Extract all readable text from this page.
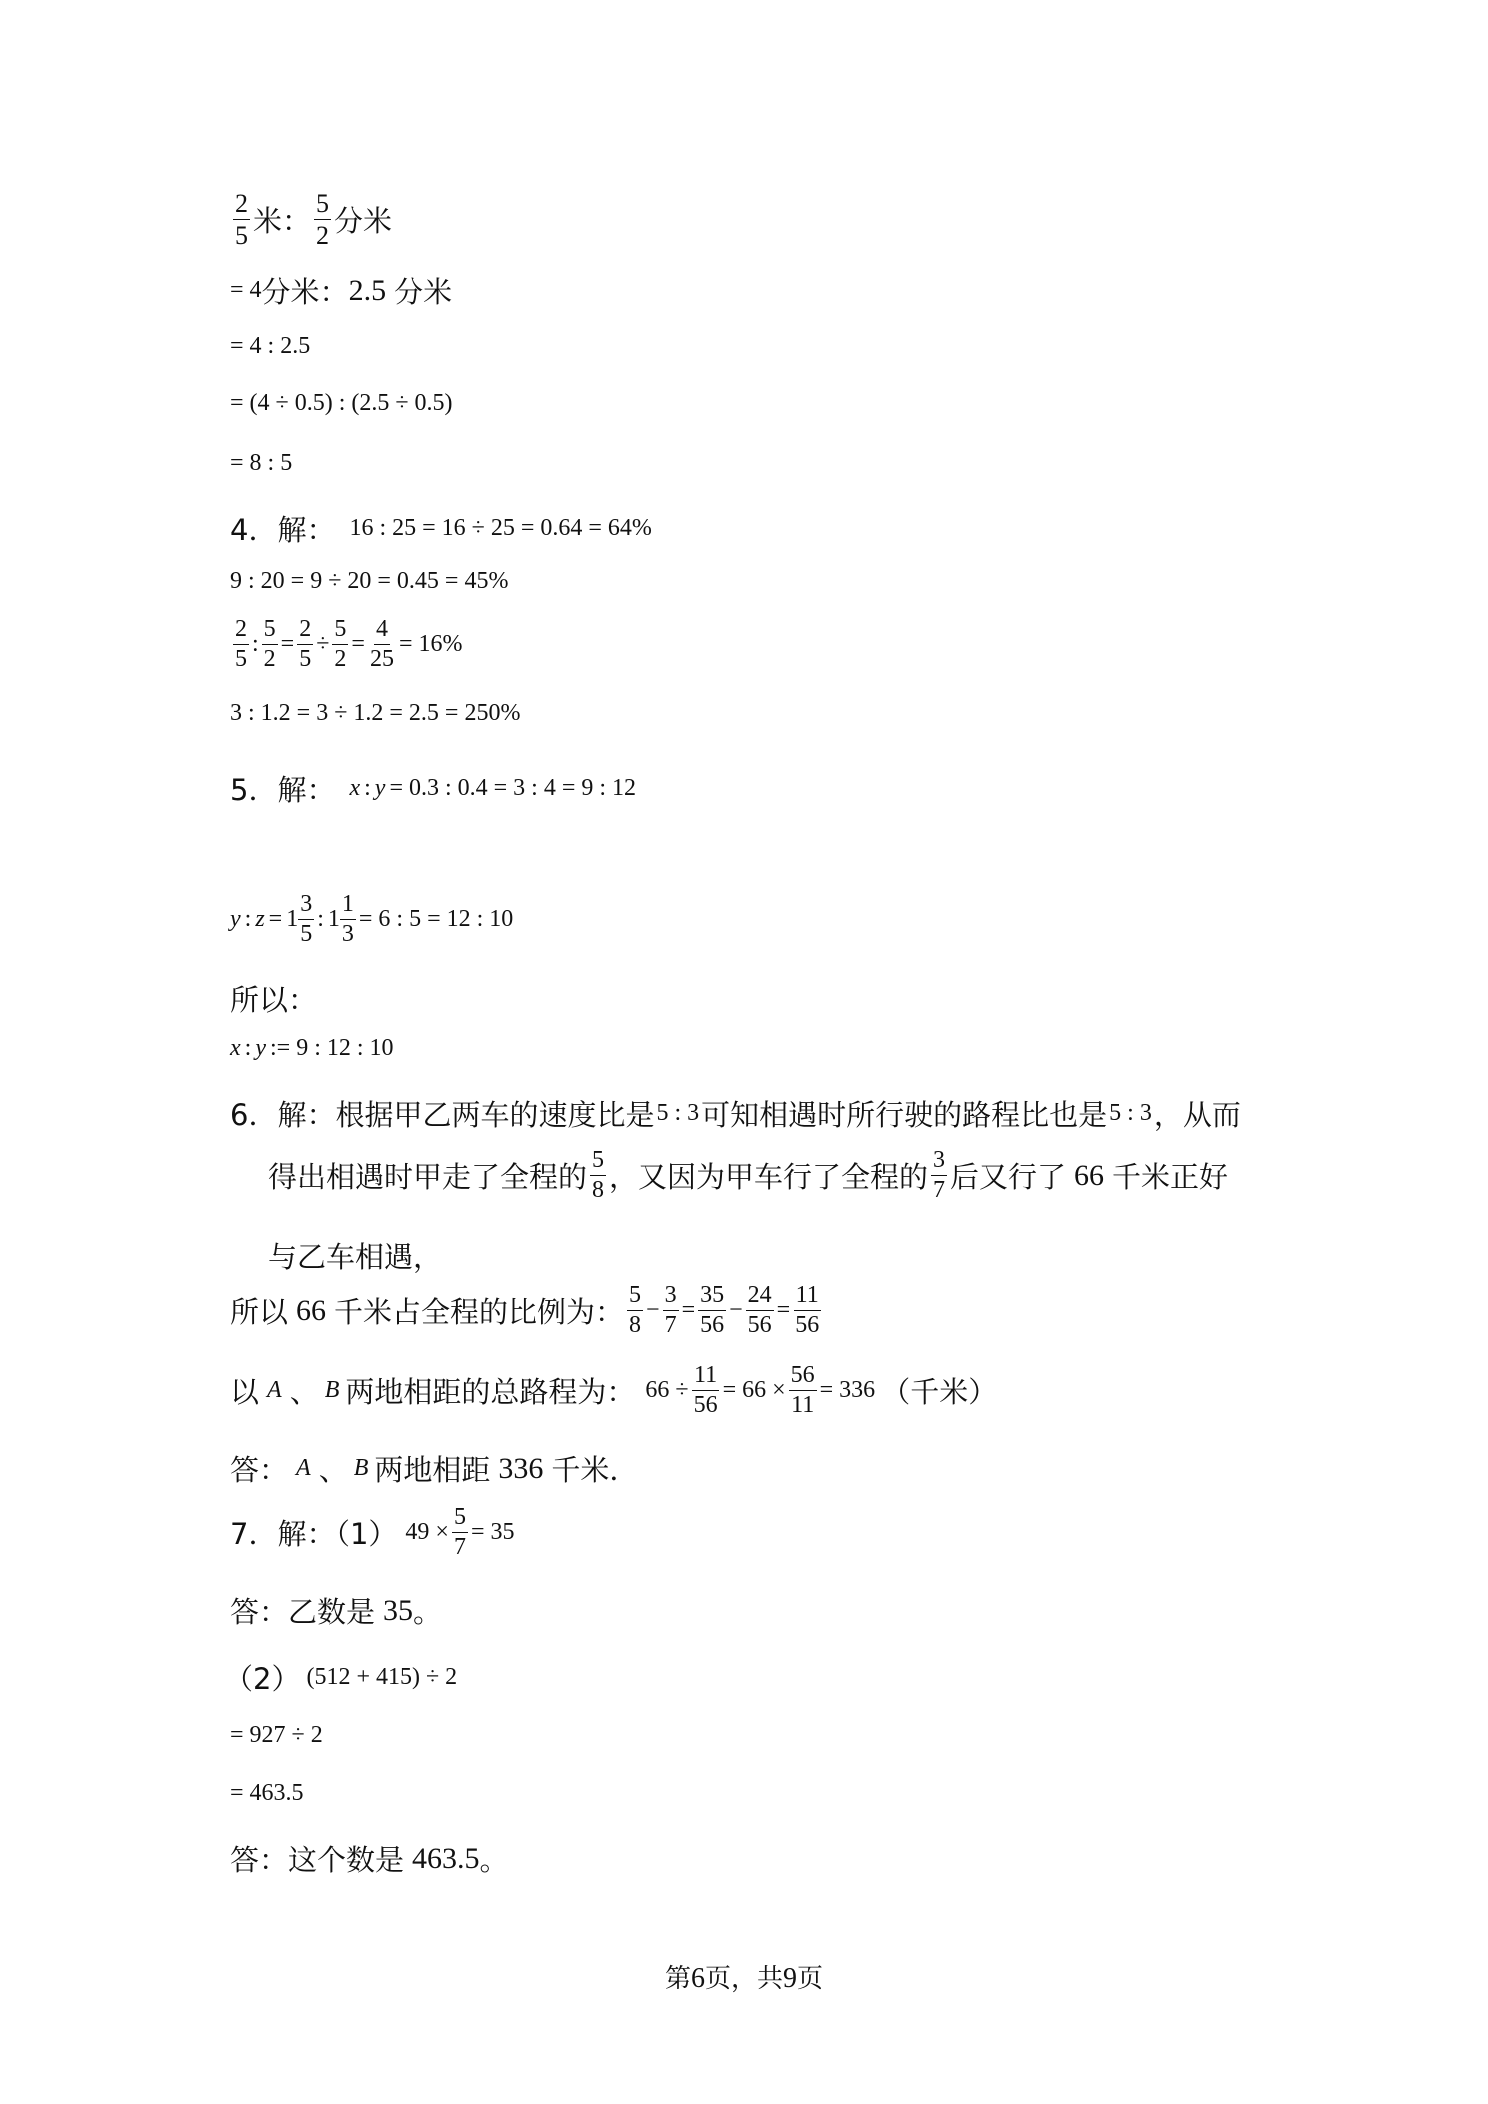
$\frac{2}{5}$ 米： $\frac{5}{2}$ 分米
= 4 分米： 2.5 分米
= 4 : 2.5
= (4 ÷ 0.5) : (2.5 ÷ 0.5)
= 8 : 5
4．解： 16 : 25 = 16 ÷ 25 = 0.64 = 64%
9 : 20 = 9 ÷ 20 = 0.45 = 45%
$\frac{2}{5}$ : $\frac{5}{2} = \frac{2}{5} \div \frac{5}{2} = \frac{4}{25} = 16\%$
3 : 1.2 = 3 ÷ 1.2 = 2.5 = 250%
5．解： x : y = 0.3 : 0.4 = 3 : 4 = 9 : 12
y : $z = 1 \frac{3}{5}$ : $1 \frac{1}{3} = 6$ : 5 = 12 : 10
所以：
x : y := 9 : 12 : 10
6．解： 根据甲乙两车的速度比是 5 : 3 可知相遇时所行驶的路程比也是 5 : 3 ，从而
得出相遇时甲走了全程的 $\frac{5}{8}$ ，又因为甲车行了全程的 $\frac{3}{7}$ 后又行了 66 千米正好
与乙车相遇，
所以 66 千米占全程的比例为： $\frac{5}{8} - \frac{3}{7} = \frac{35}{56} - \frac{24}{56} = \frac{11}{56}$
以 A 、 B 两地相距的总路程为： $66 \div \frac{11}{56} = 66 \times \frac{56}{11} = 336$ （千米）
答： A 、 B 两地相距 336 千米．
7．解：（1） $49 \times \frac{5}{7} = 35$
答：乙数是 35 。
（2） (512 + 415) ÷ 2
= 927 ÷ 2
= 463.5
答：这个数是 463.5 。
第6页，共9页
